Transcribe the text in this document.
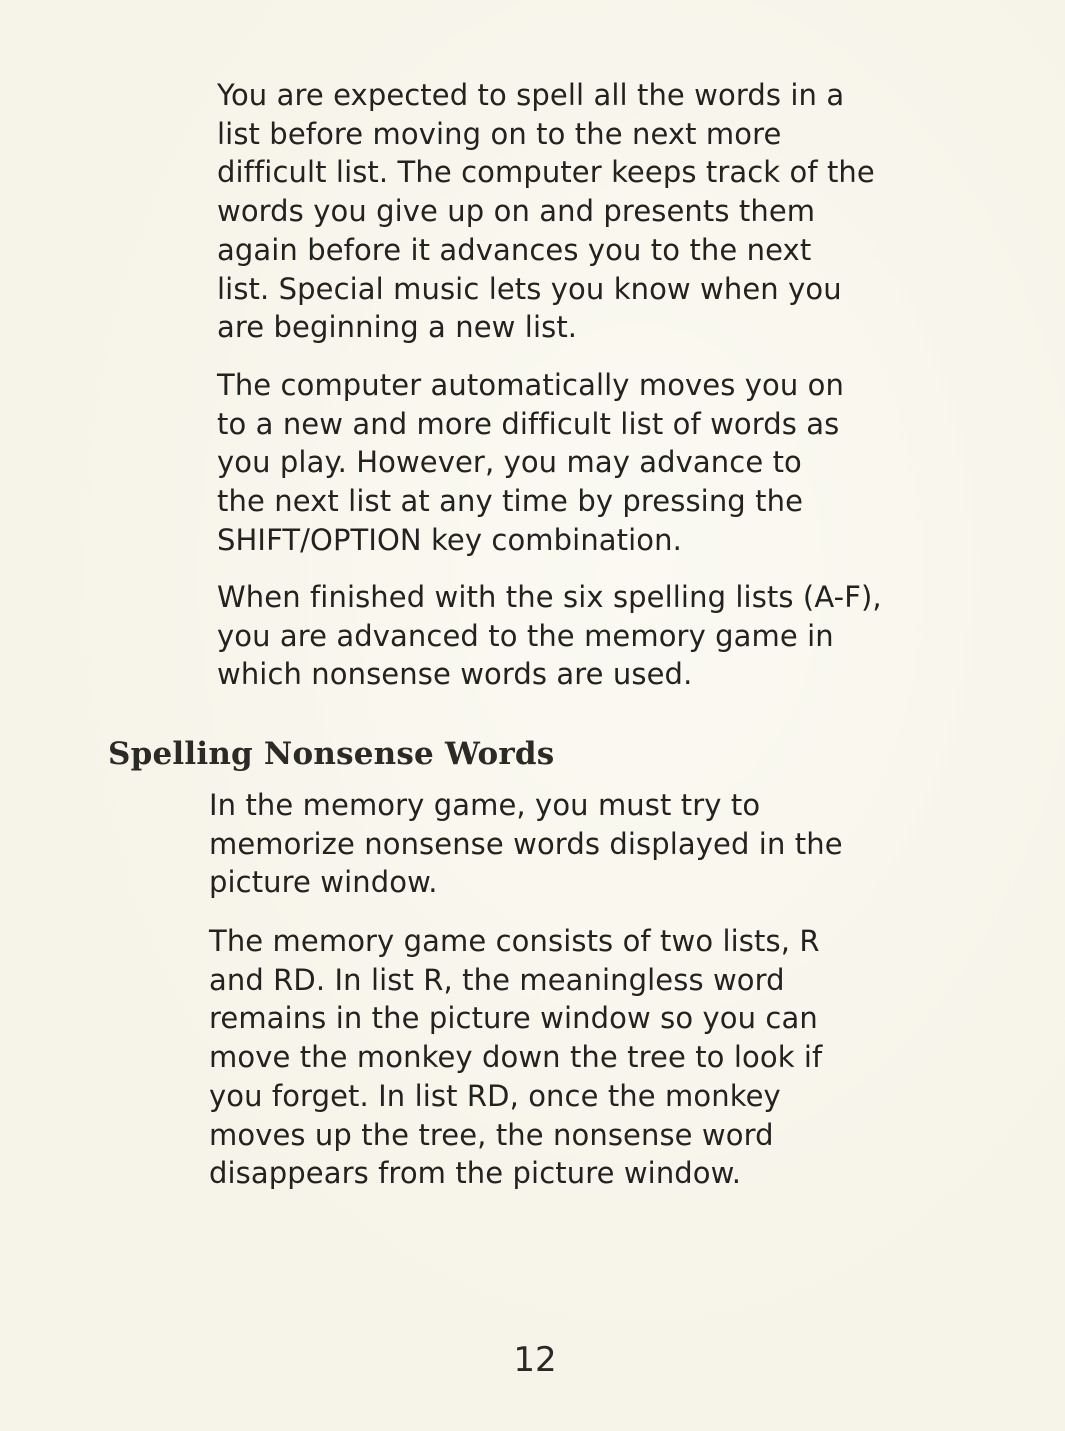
You are expected to spell all the words in a
list before moving on to the next more
difficult list. The computer keeps track of the
words you give up on and presents them
again before it advances you to the next
list. Special music lets you know when you
are beginning a new list.

The computer automatically moves you on
to a new and more difficult list of words as
you play. However, you may advance to
the next list at any time by pressing the
SHIFT/OPTION key combination.

When finished with the six spelling lists (A-F),
you are advanced to the memory game in
which nonsense words are used.

Spelling Nonsense Words

In the memory game, you must try to
memorize nonsense words displayed in the
picture window.

The memory game consists of two lists, R
and RD. In list R, the meaningless word
remains in the picture window so you can
move the monkey down the tree to look if
you forget. In list RD, once the monkey
moves up the tree, the nonsense word
disappears from the picture window.

12
